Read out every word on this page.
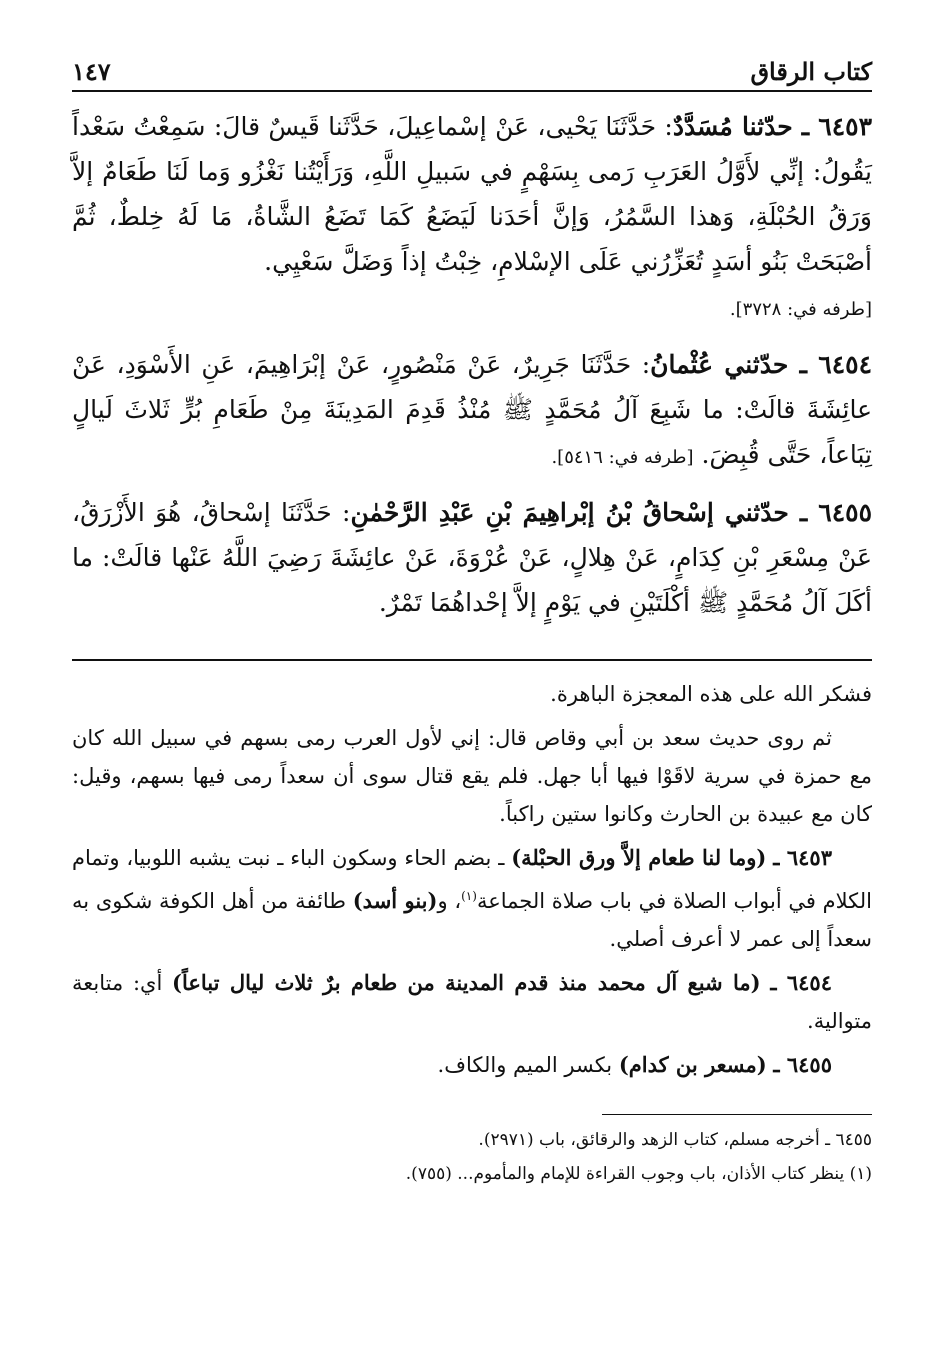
كتاب الرقاق
١٤٧

٦٤٥٣ ـ حدّثنا مُسَدَّدٌ: حَدَّثَنَا يَحْيى، عَنْ إسْماعِيلَ، حَدَّثَنا قَيسٌ قالَ: سَمِعْتُ سَعْداً يَقُولُ: إنِّي لأَوَّلُ العَرَبِ رَمى بِسَهْمٍ في سَبيلِ اللَّهِ، وَرَأَيْتُنا نَغْزُو وَما لَنَا طَعَامٌ إلاَّ وَرَقُ الحُبْلَةِ، وَهذا السَّمُرُ، وَإنَّ أحَدَنا لَيَضَعُ كَمَا تَضَعُ الشَّاةُ، مَا لَهُ خِلطٌ، ثُمَّ أصْبَحَتْ بَنُو أسَدٍ تُعَزِّرُني عَلَى الإسْلامِ، خِبْتُ إذاً وَضَلَّ سَعْيِي.
[طرفه في: ٣٧٢٨].

٦٤٥٤ ـ حدّثني عُثْمانُ: حَدَّثَنَا جَرِيرٌ، عَنْ مَنْصُورٍ، عَنْ إبْرَاهِيمَ، عَنِ الأَسْوَدِ، عَنْ عائِشَةَ قالَتْ: ما شَبِعَ آلُ مُحَمَّدٍ ﷺ مُنْذُ قَدِمَ المَدِينَةَ مِنْ طَعَامِ بُرٍّ ثَلاثَ لَيالٍ تِبَاعاً، حَتَّى قُبِضَ. [طرفه في: ٥٤١٦].

٦٤٥٥ ـ حدّثني إسْحاقُ بْنُ إبْراهِيمَ بْنِ عَبْدِ الرَّحْمٰنِ: حَدَّثَنَا إسْحاقُ، هُوَ الأَزْرَقُ، عَنْ مِسْعَرِ بْنِ كِدَامٍ، عَنْ هِلالٍ، عَنْ عُرْوَةَ، عَنْ عائِشَةَ رَضِيَ اللَّهُ عَنْها قالَتْ: ما أكَلَ آلُ مُحَمَّدٍ ﷺ أكْلَتَيْنِ في يَوْمٍ إلاَّ إحْداهُمَا تَمْرٌ.

فشكر الله على هذه المعجزة الباهرة.

ثم روى حديث سعد بن أبي وقاص قال: إني لأول العرب رمى بسهم في سبيل الله كان مع حمزة في سرية لاقَوْا فيها أبا جهل. فلم يقع قتال سوى أن سعداً رمى فيها بسهم، وقيل: كان مع عبيدة بن الحارث وكانوا ستين راكباً.

٦٤٥٣ ـ (وما لنا طعام إلاَّ ورق الحبْلة) ـ بضم الحاء وسكون الباء ـ نبت يشبه اللوبيا، وتمام الكلام في أبواب الصلاة في باب صلاة الجماعة$^{(١)}$، و(بنو أسد) طائفة من أهل الكوفة شكوى به سعداً إلى عمر لا أعرف أصلي.

٦٤٥٤ ـ (ما شبع آل محمد منذ قدم المدينة من طعام برٌ ثلاث ليال تباعاً) أي: متابعة متوالية.

٦٤٥٥ ـ (مسعر بن كدام) بكسر الميم والكاف.

٦٤٥٥ ـ أخرجه مسلم، كتاب الزهد والرقائق، باب (٢٩٧١).

(١) ينظر كتاب الأذان، باب وجوب القراءة للإمام والمأموم... (٧٥٥).
